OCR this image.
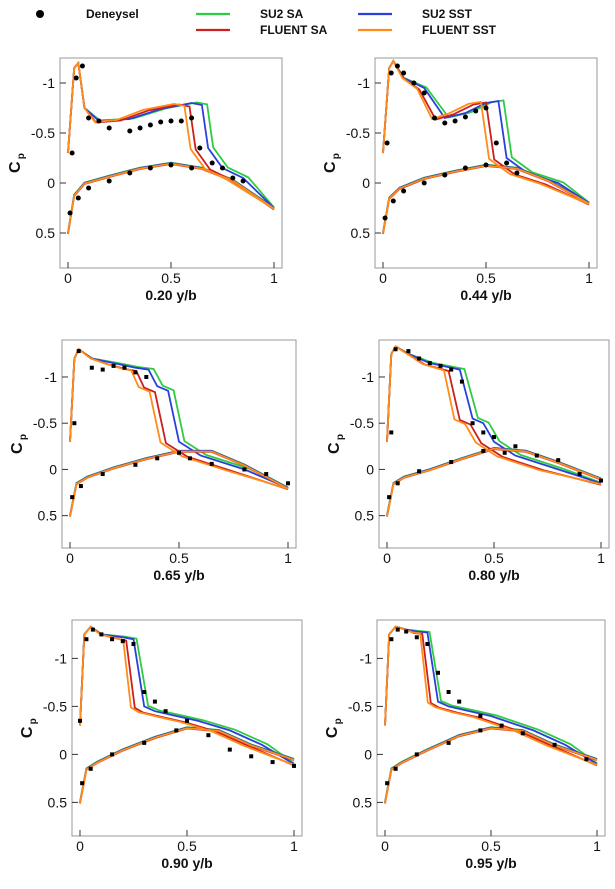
Deneysel	SU2 SA
FLUENT SA
SU2 SST
FLUENT SST
-1
-0.5
0
0.5
0	0.5	1
C
p
0.20 y/b
-1
-0.5
0
0.5
0	0.5	1
C
p
0.44 y/b
-1
-0.5
0
0.5
0	0.5	1
C
p
0.65 y/b
-1
-0.5
0
0.5
0	0.5	1
C
p
0.80 y/b
-1
-0.5
0
0.5
0	0.5	1
C
p
0.90 y/b
-1
-0.5
0
0.5
0	0.5	1
C
p
0.95 y/b
